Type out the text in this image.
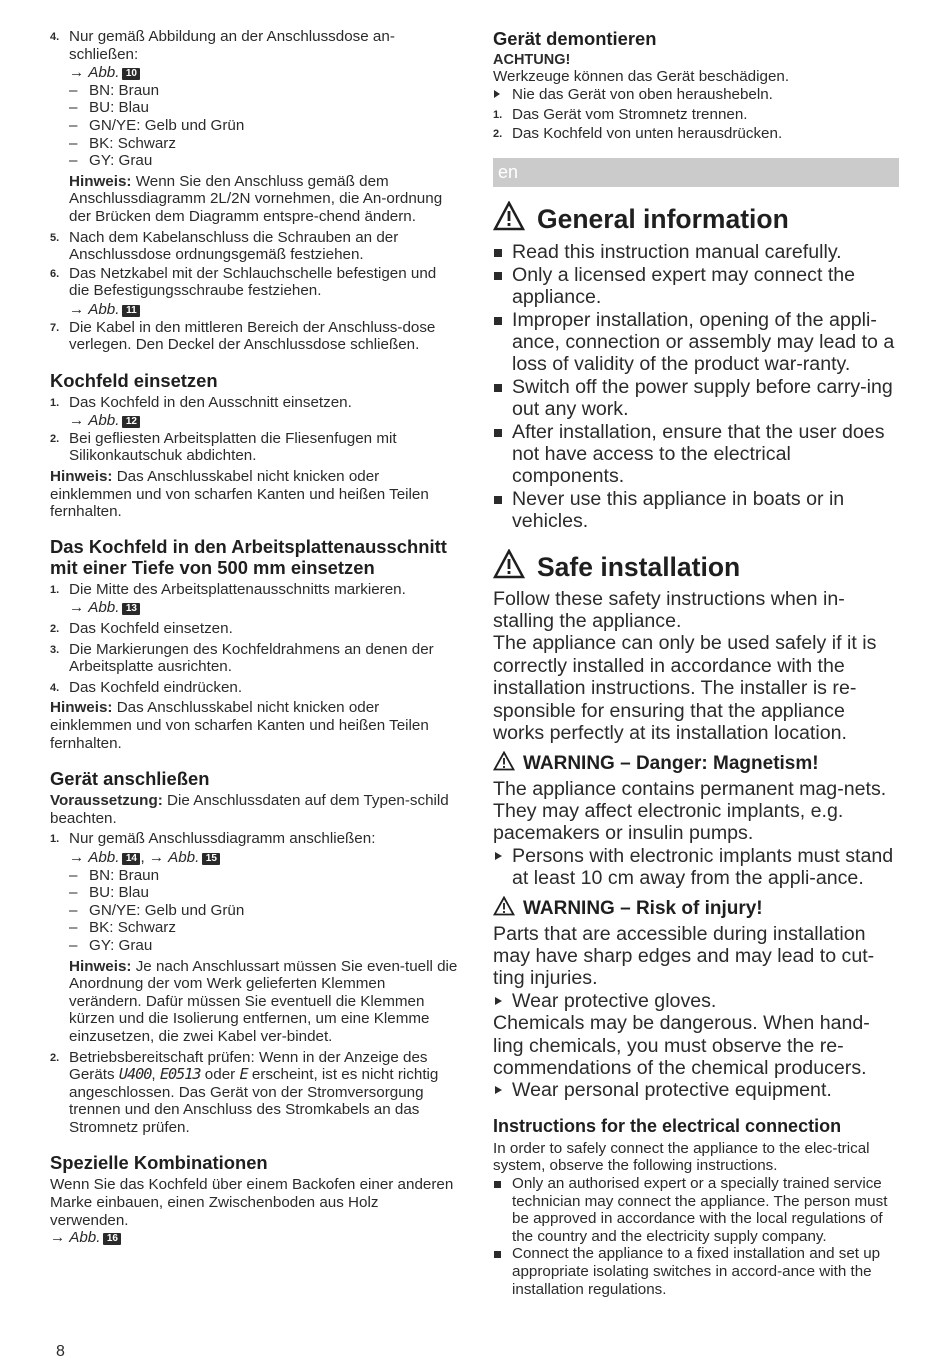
4. Nur gemäß Abbildung an der Anschlussdose an-schließen:
→ Abb. 10
– BN: Braun
– BU: Blau
– GN/YE: Gelb und Grün
– BK: Schwarz
– GY: Grau
Hinweis: Wenn Sie den Anschluss gemäß dem Anschlussdiagramm 2L/2N vornehmen, die An-ordnung der Brücken dem Diagramm entspre-chend ändern.
5. Nach dem Kabelanschluss die Schrauben an der Anschlussdose ordnungsgemäß festziehen.
6. Das Netzkabel mit der Schlauchschelle befestigen und die Befestigungsschraube festziehen.
→ Abb. 11
7. Die Kabel in den mittleren Bereich der Anschluss-dose verlegen. Den Deckel der Anschlussdose schließen.
Kochfeld einsetzen
1. Das Kochfeld in den Ausschnitt einsetzen.
→ Abb. 12
2. Bei gefliesten Arbeitsplatten die Fliesenfugen mit Silikonkautschuk abdichten.
Hinweis: Das Anschlusskabel nicht knicken oder einklemmen und von scharfen Kanten und heißen Teilen fernhalten.
Das Kochfeld in den Arbeitsplattenausschnitt mit einer Tiefe von 500 mm einsetzen
1. Die Mitte des Arbeitsplattenausschnitts markieren.
→ Abb. 13
2. Das Kochfeld einsetzen.
3. Die Markierungen des Kochfeldrahmens an denen der Arbeitsplatte ausrichten.
4. Das Kochfeld eindrücken.
Hinweis: Das Anschlusskabel nicht knicken oder einklemmen und von scharfen Kanten und heißen Teilen fernhalten.
Gerät anschließen
Voraussetzung: Die Anschlussdaten auf dem Typen-schild beachten.
1. Nur gemäß Anschlussdiagramm anschließen:
→ Abb. 14 , → Abb. 15
– BN: Braun
– BU: Blau
– GN/YE: Gelb und Grün
– BK: Schwarz
– GY: Grau
Hinweis: Je nach Anschlussart müssen Sie even-tuell die Anordnung der vom Werk gelieferten Klemmen verändern. Dafür müssen Sie eventuell die Klemmen kürzen und die Isolierung entfernen, um eine Klemme einzusetzen, die zwei Kabel ver-bindet.
2. Betriebsbereitschaft prüfen: Wenn in der Anzeige des Geräts U400, E0513 oder E erscheint, ist es nicht richtig angeschlossen. Das Gerät von der Stromversorgung trennen und den Anschluss des Stromkabels an das Stromnetz prüfen.
Spezielle Kombinationen
Wenn Sie das Kochfeld über einem Backofen einer anderen Marke einbauen, einen Zwischenboden aus Holz verwenden.
→ Abb. 16
Gerät demontieren
ACHTUNG!
Werkzeuge können das Gerät beschädigen.
Nie das Gerät von oben heraushebeln.
1. Das Gerät vom Stromnetz trennen.
2. Das Kochfeld von unten herausdrücken.
en
General information
Read this instruction manual carefully.
Only a licensed expert may connect the appliance.
Improper installation, opening of the appli-ance, connection or assembly may lead to a loss of validity of the product war-ranty.
Switch off the power supply before carry-ing out any work.
After installation, ensure that the user does not have access to the electrical components.
Never use this appliance in boats or in vehicles.
Safe installation
Follow these safety instructions when in-stalling the appliance.
The appliance can only be used safely if it is correctly installed in accordance with the installation instructions. The installer is re-sponsible for ensuring that the appliance works perfectly at its installation location.
WARNING – Danger: Magnetism!
The appliance contains permanent mag-nets. They may affect electronic implants, e.g. pacemakers or insulin pumps.
Persons with electronic implants must stand at least 10 cm away from the appli-ance.
WARNING – Risk of injury!
Parts that are accessible during installation may have sharp edges and may lead to cut-ting injuries.
Wear protective gloves.
Chemicals may be dangerous. When hand-ling chemicals, you must observe the re-commendations of the chemical producers.
Wear personal protective equipment.
Instructions for the electrical connection
In order to safely connect the appliance to the elec-trical system, observe the following instructions.
Only an authorised expert or a specially trained service technician may connect the appliance. The person must be approved in accordance with the local regulations of the country and the electricity supply company.
Connect the appliance to a fixed installation and set up appropriate isolating switches in accord-ance with the installation regulations.
8
